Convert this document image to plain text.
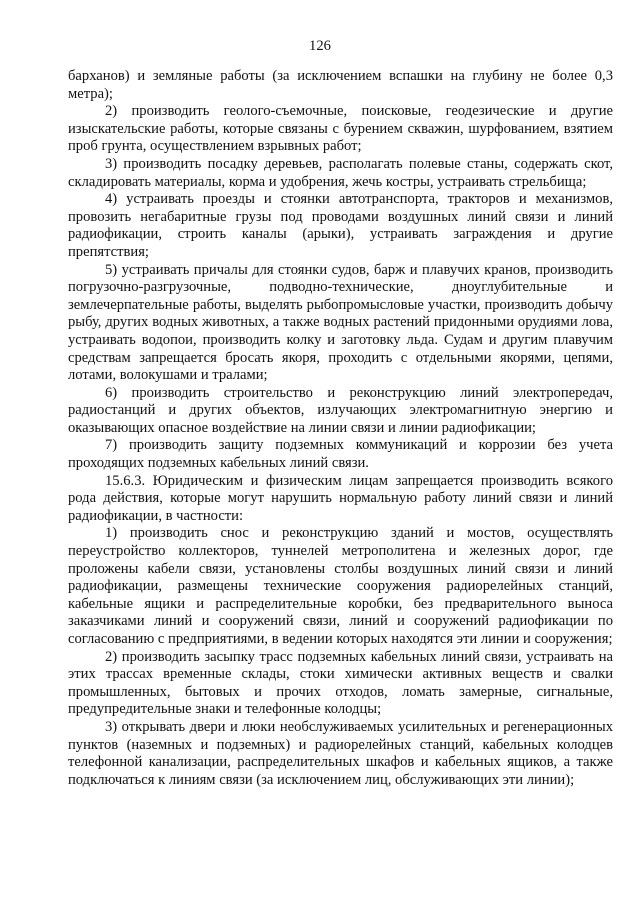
126

барханов) и земляные работы (за исключением вспашки на глубину не более 0,3 метра);

2) производить геолого-съемочные, поисковые, геодезические и другие изыскательские работы, которые связаны с бурением скважин, шурфованием, взятием проб грунта, осуществлением взрывных работ;

3) производить посадку деревьев, располагать полевые станы, содержать скот, складировать материалы, корма и удобрения, жечь костры, устраивать стрельбища;

4) устраивать проезды и стоянки автотранспорта, тракторов и механизмов, провозить негабаритные грузы под проводами воздушных линий связи и линий радиофикации, строить каналы (арыки), устраивать заграждения и другие препятствия;

5) устраивать причалы для стоянки судов, барж и плавучих кранов, производить погрузочно-разгрузочные, подводно-технические, дноуглубительные и землечерпательные работы, выделять рыбопромысловые участки, производить добычу рыбу, других водных животных, а также водных растений придонными орудиями лова, устраивать водопои, производить колку и заготовку льда. Судам и другим плавучим средствам запрещается бросать якоря, проходить с отдельными якорями, цепями, лотами, волокушами и тралами;

6) производить строительство и реконструкцию линий электропередач, радиостанций и других объектов, излучающих электромагнитную энергию и оказывающих опасное воздействие на линии связи и линии радиофикации;

7) производить защиту подземных коммуникаций и коррозии без учета проходящих подземных кабельных линий связи.

15.6.3. Юридическим и физическим лицам запрещается производить всякого рода действия, которые могут нарушить нормальную работу линий связи и линий радиофикации, в частности:

1) производить снос и реконструкцию зданий и мостов, осуществлять переустройство коллекторов, туннелей метрополитена и железных дорог, где проложены кабели связи, установлены столбы воздушных линий связи и линий радиофикации, размещены технические сооружения радиорелейных станций, кабельные ящики и распределительные коробки, без предварительного выноса заказчиками линий и сооружений связи, линий и сооружений радиофикации по согласованию с предприятиями, в ведении которых находятся эти линии и сооружения;

2) производить засыпку трасс подземных кабельных линий связи, устраивать на этих трассах временные склады, стоки химически активных веществ и свалки промышленных, бытовых и прочих отходов, ломать замерные, сигнальные, предупредительные знаки и телефонные колодцы;

3) открывать двери и люки необслуживаемых усилительных и регенерационных пунктов (наземных и подземных) и радиорелейных станций, кабельных колодцев телефонной канализации, распределительных шкафов и кабельных ящиков, а также подключаться к линиям связи (за исключением лиц, обслуживающих эти линии);
